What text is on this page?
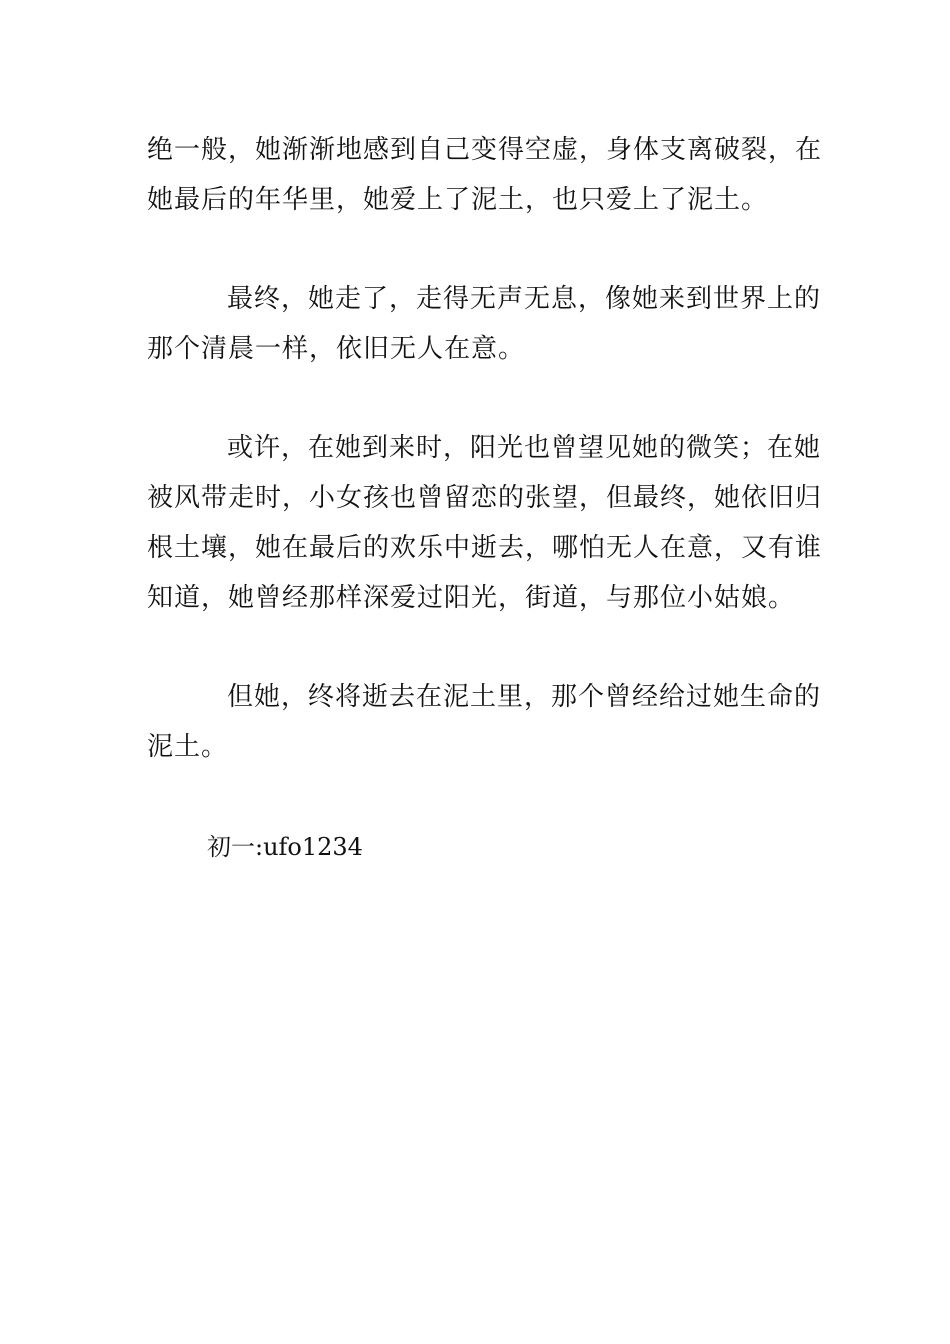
绝一般，她渐渐地感到自己变得空虚，身体支离破裂，在
她最后的年华里，她爱上了泥土，也只爱上了泥土。
最终，她走了，走得无声无息，像她来到世界上的
那个清晨一样，依旧无人在意。
或许，在她到来时，阳光也曾望见她的微笑；在她
被风带走时，小女孩也曾留恋的张望，但最终，她依旧归
根土壤，她在最后的欢乐中逝去，哪怕无人在意，又有谁
知道，她曾经那样深爱过阳光，街道，与那位小姑娘。
但她，终将逝去在泥土里，那个曾经给过她生命的
泥土。
初一:ufo1234
